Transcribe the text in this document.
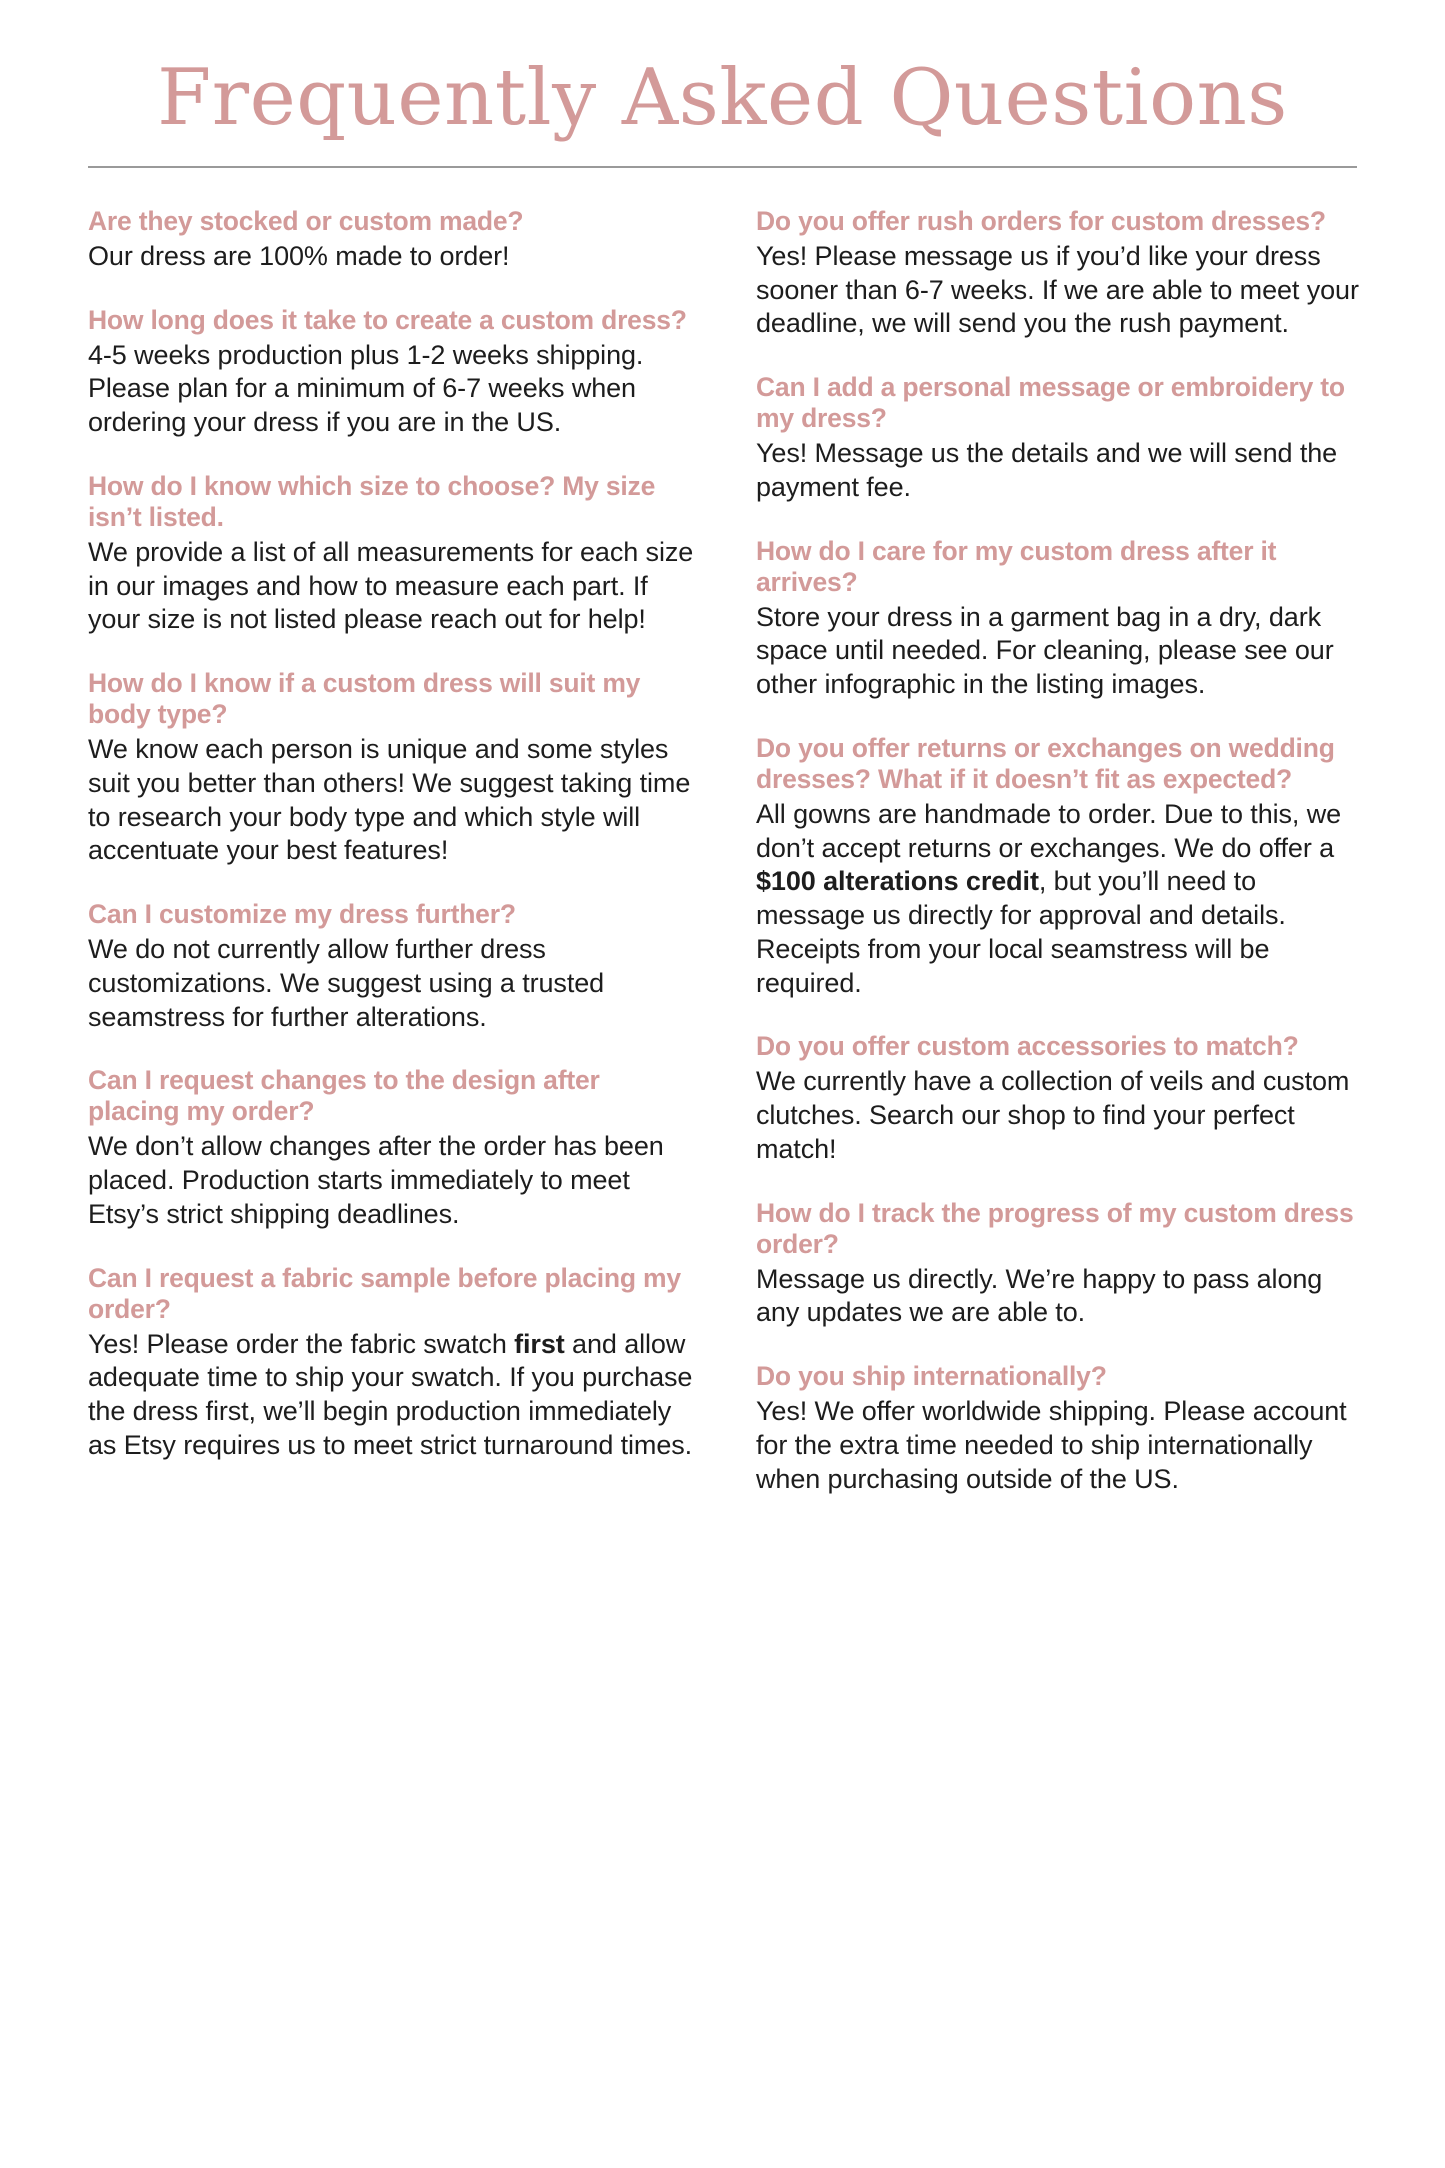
Frequently Asked Questions

Are they stocked or custom made?

Our dress are 100% made to order!

How long does it take to create a custom dress?

4-5 weeks production plus 1-2 weeks shipping. Please plan for a minimum of 6-7 weeks when ordering your dress if you are in the US.

How do I know which size to choose? My size isn’t listed.

We provide a list of all measurements for each size in our images and how to measure each part. If your size is not listed please reach out for help!

How do I know if a custom dress will suit my body type?

We know each person is unique and some styles suit you better than others! We suggest taking time to research your body type and which style will accentuate your best features!

Can I customize my dress further?

We do not currently allow further dress customizations. We suggest using a trusted seamstress for further alterations.

Can I request changes to the design after placing my order?

We don’t allow changes after the order has been placed. Production starts immediately to meet Etsy’s strict shipping deadlines.

Can I request a fabric sample before placing my order?

Yes! Please order the fabric swatch first and allow adequate time to ship your swatch. If you purchase the dress first, we’ll begin production immediately as Etsy requires us to meet strict turnaround times.

Do you offer rush orders for custom dresses?

Yes! Please message us if you’d like your dress sooner than 6-7 weeks. If we are able to meet your deadline, we will send you the rush payment.

Can I add a personal message or embroidery to my dress?

Yes! Message us the details and we will send the payment fee.

How do I care for my custom dress after it arrives?

Store your dress in a garment bag in a dry, dark space until needed. For cleaning, please see our other infographic in the listing images.

Do you offer returns or exchanges on wedding dresses? What if it doesn’t fit as expected?

All gowns are handmade to order. Due to this, we don’t accept returns or exchanges. We do offer a $100 alterations credit, but you’ll need to message us directly for approval and details. Receipts from your local seamstress will be required.

Do you offer custom accessories to match?

We currently have a collection of veils and custom clutches. Search our shop to find your perfect match!

How do I track the progress of my custom dress order?

Message us directly. We’re happy to pass along any updates we are able to.

Do you ship internationally?

Yes! We offer worldwide shipping. Please account for the extra time needed to ship internationally when purchasing outside of the US.
